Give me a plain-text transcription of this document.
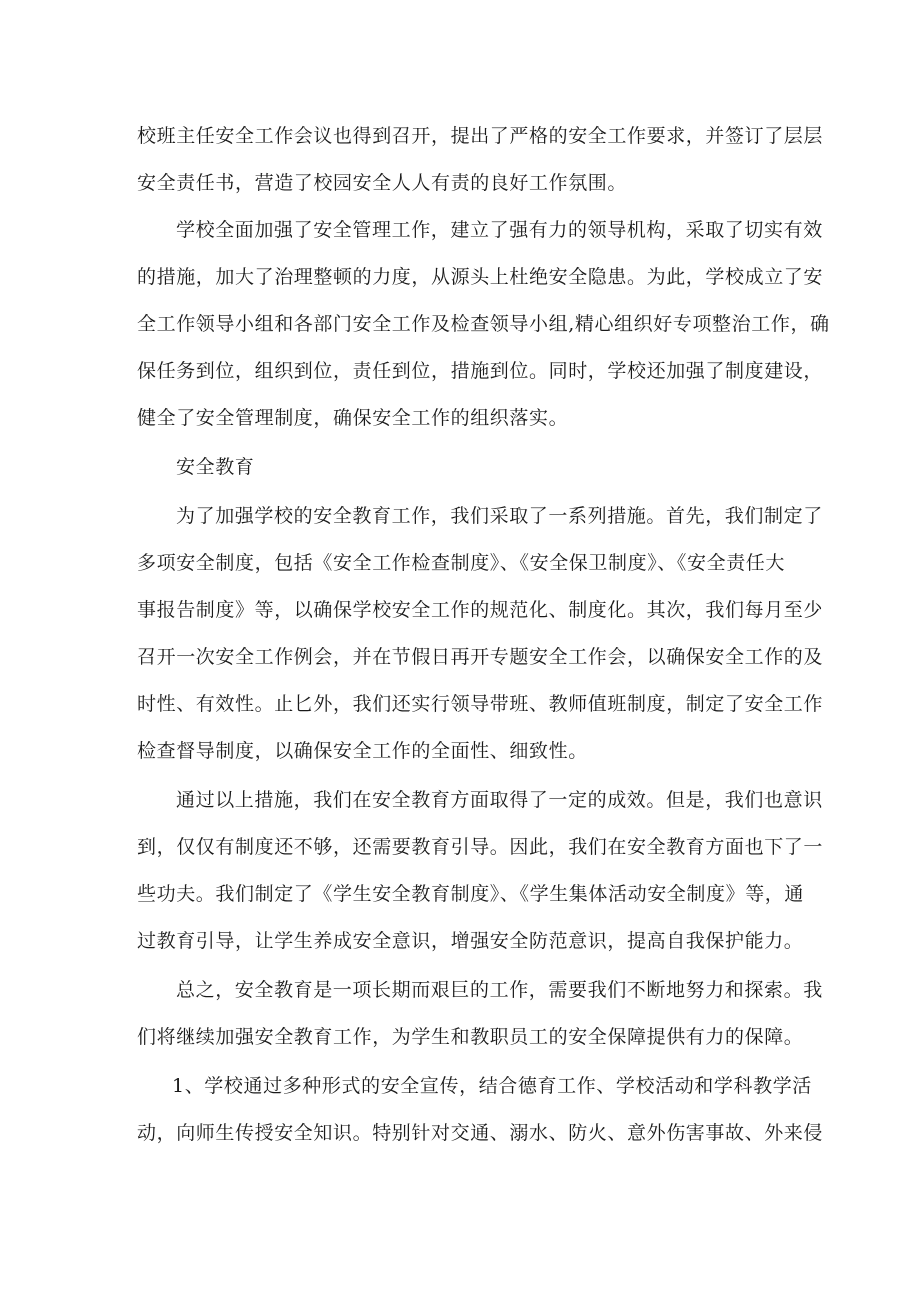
校班主任安全工作会议也得到召开，提出了严格的安全工作要求，并签订了层层
安全责任书，营造了校园安全人人有责的良好工作氛围。
学校全面加强了安全管理工作，建立了强有力的领导机构，采取了切实有效
的措施，加大了治理整顿的力度，从源头上杜绝安全隐患。为此，学校成立了安
全工作领导小组和各部门安全工作及检查领导小组,精心组织好专项整治工作，确
保任务到位，组织到位，责任到位，措施到位。同时，学校还加强了制度建设，
健全了安全管理制度，确保安全工作的组织落实。
安全教育
为了加强学校的安全教育工作，我们采取了一系列措施。首先，我们制定了
多项安全制度，包括《安全工作检查制度》、《安全保卫制度》、《安全责任大
事报告制度》等，以确保学校安全工作的规范化、制度化。其次，我们每月至少
召开一次安全工作例会，并在节假日再开专题安全工作会，以确保安全工作的及
时性、有效性。止匕外，我们还实行领导带班、教师值班制度，制定了安全工作
检查督导制度，以确保安全工作的全面性、细致性。
通过以上措施，我们在安全教育方面取得了一定的成效。但是，我们也意识
到，仅仅有制度还不够，还需要教育引导。因此，我们在安全教育方面也下了一
些功夫。我们制定了《学生安全教育制度》、《学生集体活动安全制度》等，通
过教育引导，让学生养成安全意识，增强安全防范意识，提高自我保护能力。
总之，安全教育是一项长期而艰巨的工作，需要我们不断地努力和探索。我
们将继续加强安全教育工作，为学生和教职员工的安全保障提供有力的保障。
1、学校通过多种形式的安全宣传，结合德育工作、学校活动和学科教学活
动，向师生传授安全知识。特别针对交通、溺水、防火、意外伤害事故、外来侵
